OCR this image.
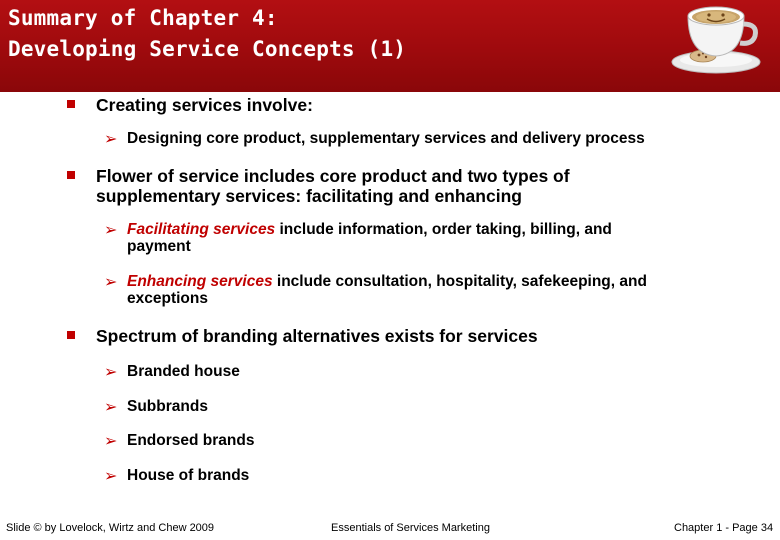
Summary of Chapter 4:
Developing Service Concepts (1)
Creating services involve:
➢ Designing core product, supplementary services and delivery process
Flower of service includes core product and two types of
supplementary services: facilitating and enhancing
➢ Facilitating services include information, order taking, billing, and
payment
➢ Enhancing services include consultation, hospitality, safekeeping, and
exceptions
Spectrum of branding alternatives exists for services
➢ Branded house
➢ Subbrands
➢ Endorsed brands
➢ House of brands
Slide © by Lovelock, Wirtz and Chew 2009	Essentials of Services Marketing	Chapter 1 - Page 34
